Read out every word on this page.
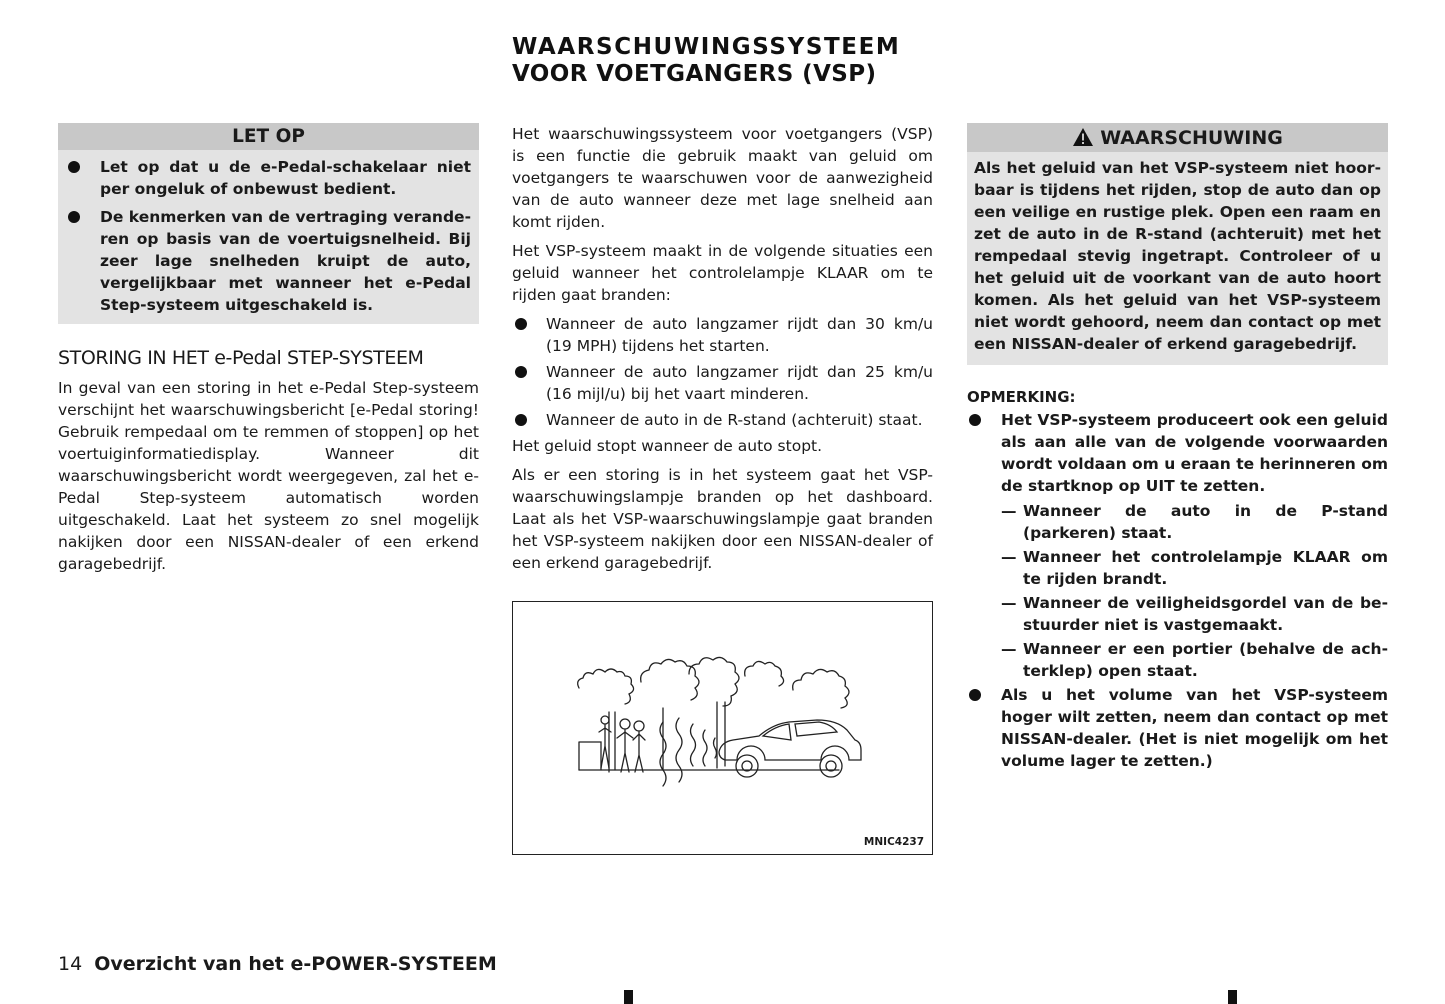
WAARSCHUWINGSSYSTEEM
VOOR VOETGANGERS (VSP)
LET OP
Let op dat u de e-Pedal-schakelaar niet per ongeluk of onbewust bedient.
De kenmerken van de vertraging veranderen op basis van de voertuigsnelheid. Bij zeer lage snelheden kruipt de auto, vergelijkbaar met wanneer het e-Pedal Step-systeem uitgeschakeld is.
STORING IN HET e-Pedal STEP-SYSTEEM
In geval van een storing in het e-Pedal Step-systeem verschijnt het waarschuwingsbericht [e-Pedal storing! Gebruik rempedaal om te remmen of stoppen] op het voertuiginformatiedisplay. Wanneer dit waarschuwingsbericht wordt weergegeven, zal het e-Pedal Step-systeem automatisch worden uitgeschakeld. Laat het systeem zo snel mogelijk nakijken door een NISSAN-dealer of een erkend garagebedrijf.

Het waarschuwingssysteem voor voetgangers (VSP) is een functie die gebruik maakt van geluid om voetgangers te waarschuwen voor de aanwezigheid van de auto wanneer deze met lage snelheid aan komt rijden.

Het VSP-systeem maakt in de volgende situaties een geluid wanneer het controlelampje KLAAR om te rijden gaat branden:

Wanneer de auto langzamer rijdt dan 30 km/u (19 MPH) tijdens het starten.
Wanneer de auto langzamer rijdt dan 25 km/u (16 mijl/u) bij het vaart minderen.
Wanneer de auto in de R-stand (achteruit) staat.

Het geluid stopt wanneer de auto stopt.

Als er een storing is in het systeem gaat het VSP-waarschuwingslampje branden op het dashboard. Laat als het VSP-waarschuwingslampje gaat branden het VSP-systeem nakijken door een NISSAN-dealer of een erkend garagebedrijf.

MNIC4237
WAARSCHUWING
Als het geluid van het VSP-systeem niet hoorbaar is tijdens het rijden, stop de auto dan op een veilige en rustige plek. Open een raam en zet de auto in de R-stand (achteruit) met het rempedaal stevig ingetrapt. Controleer of u het geluid uit de voorkant van de auto hoort komen. Als het geluid van het VSP-systeem niet wordt gehoord, neem dan contact op met een NISSAN-dealer of erkend garagebedrijf.
OPMERKING:
Het VSP-systeem produceert ook een geluid als aan alle van de volgende voorwaarden wordt voldaan om u eraan te herinneren om de startknop op UIT te zetten.
— Wanneer de auto in de P-stand (parkeren) staat.
— Wanneer het controlelampje KLAAR om te rijden brandt.
— Wanneer de veiligheidsgordel van de bestuurder niet is vastgemaakt.
— Wanneer er een portier (behalve de achterklep) open staat.
Als u het volume van het VSP-systeem hoger wilt zetten, neem dan contact op met NISSAN-dealer. (Het is niet mogelijk om het volume lager te zetten.)
14 Overzicht van het e-POWER-SYSTEEM
